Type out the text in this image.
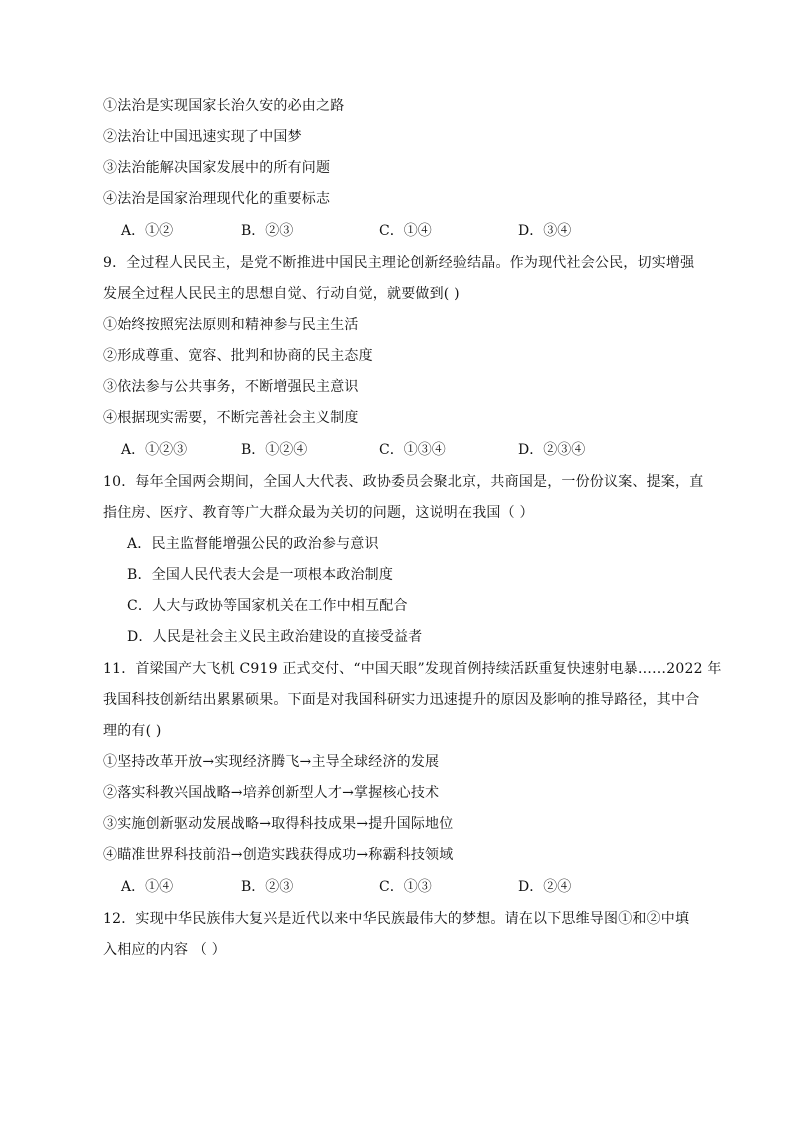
①法治是实现国家长治久安的必由之路
②法治让中国迅速实现了中国梦
③法治能解决国家发展中的所有问题
④法治是国家治理现代化的重要标志
A．①②	B．②③	C．①④	D．③④
9．全过程人民民主，是党不断推进中国民主理论创新经验结晶。作为现代社会公民，切实增强
发展全过程人民民主的思想自觉、行动自觉，就要做到( )
①始终按照宪法原则和精神参与民主生活
②形成尊重、宽容、批判和协商的民主态度
③依法参与公共事务，不断增强民主意识
④根据现实需要，不断完善社会主义制度
A．①②③	B．①②④	C．①③④	D．②③④
10．每年全国两会期间，全国人大代表、政协委员会聚北京，共商国是，一份份议案、提案，直
指住房、医疗、教育等广大群众最为关切的问题，这说明在我国（ ）
A．民主监督能增强公民的政治参与意识
B．全国人民代表大会是一项根本政治制度
C．人大与政协等国家机关在工作中相互配合
D．人民是社会主义民主政治建设的直接受益者
11．首梁国产大飞机 C919 正式交付、“中国天眼”发现首例持续活跃重复快速射电暴……2022 年
我国科技创新结出累累硕果。下面是对我国科研实力迅速提升的原因及影响的推导路径，其中合
理的有( )
①坚持改革开放→实现经济腾飞→主导全球经济的发展
②落实科教兴国战略→培养创新型人才→掌握核心技术
③实施创新驱动发展战略→取得科技成果→提升国际地位
④瞄准世界科技前沿→创造实践获得成功→称霸科技领域
A．①④	B．②③	C．①③	D．②④
12．实现中华民族伟大复兴是近代以来中华民族最伟大的梦想。请在以下思维导图①和②中填
入相应的内容 （ ）
